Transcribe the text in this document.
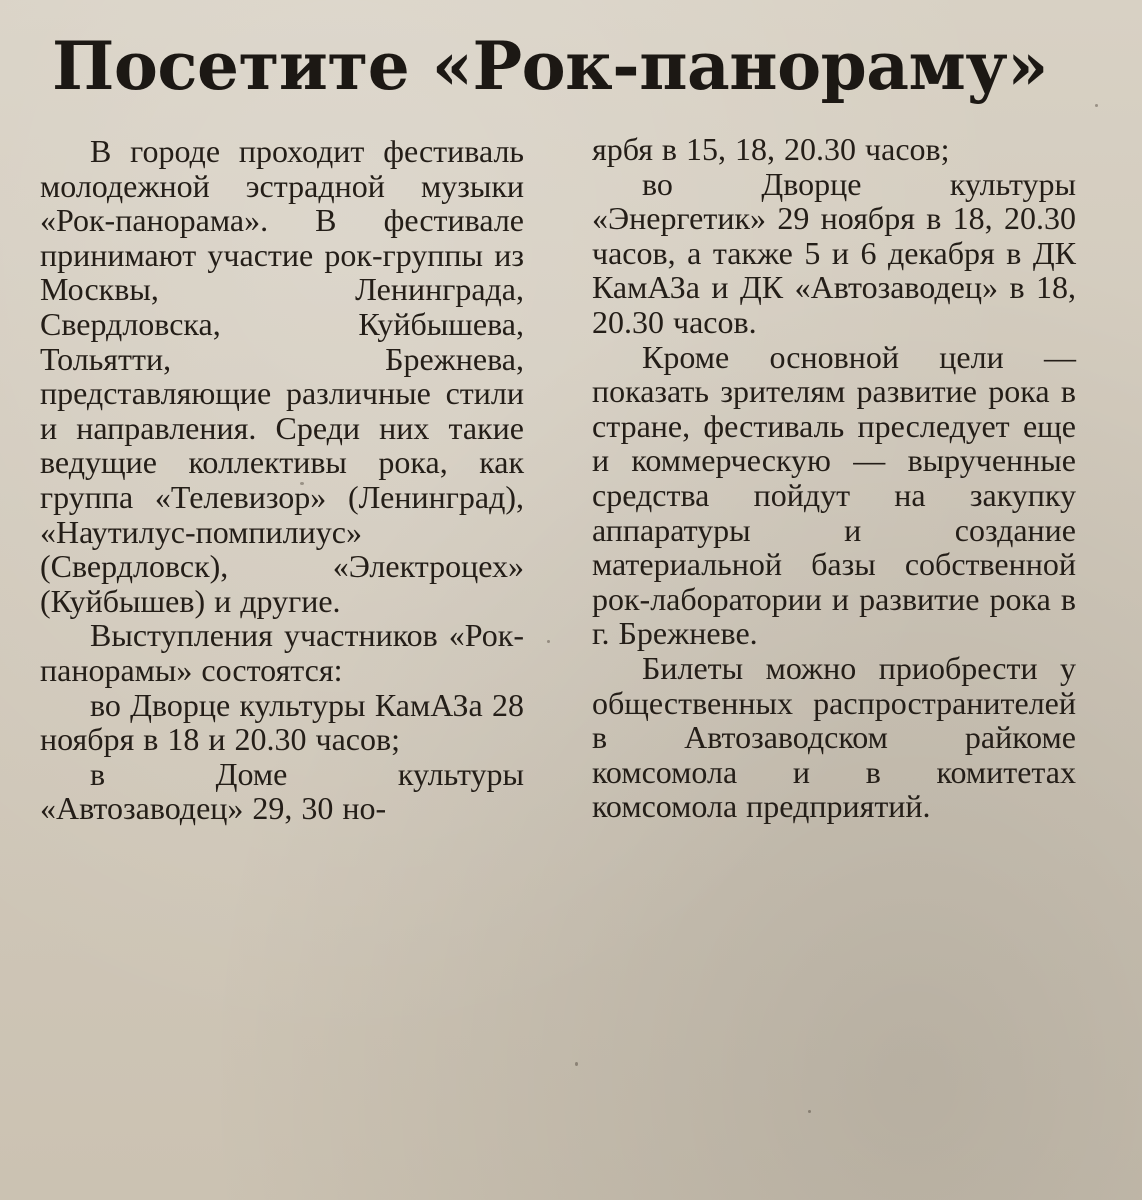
Посетите «Рок-панораму»

В городе проходит фестиваль молодежной эстрадной музыки «Рок-панорама». В фестивале принимают участие рок-группы из Москвы, Ленинграда, Свердловска, Куйбышева, Тольятти, Брежнева, представляющие различные стили и направления. Среди них такие ведущие коллективы рока, как группа «Телевизор» (Ленинград), «Наутилус-помпилиус» (Свердловск), «Электроцех» (Куйбышев) и другие.

Выступления участников «Рок-панорамы» состоятся:

во Дворце культуры КамАЗа 28 ноября в 18 и 20.30 часов;

в Доме культуры «Автозаводец» 29, 30 но-

ярбя в 15, 18, 20.30 часов;

во Дворце культуры «Энергетик» 29 ноября в 18, 20.30 часов, а также 5 и 6 декабря в ДК КамАЗа и ДК «Автозаводец» в 18, 20.30 часов.

Кроме основной цели — показать зрителям развитие рока в стране, фестиваль преследует еще и коммерческую — вырученные средства пойдут на закупку аппаратуры и создание материальной базы собственной рок-лаборатории и развитие рока в г. Брежневе.

Билеты можно приобрести у общественных распространителей в Автозаводском райкоме комсомола и в комитетах комсомола предприятий.
